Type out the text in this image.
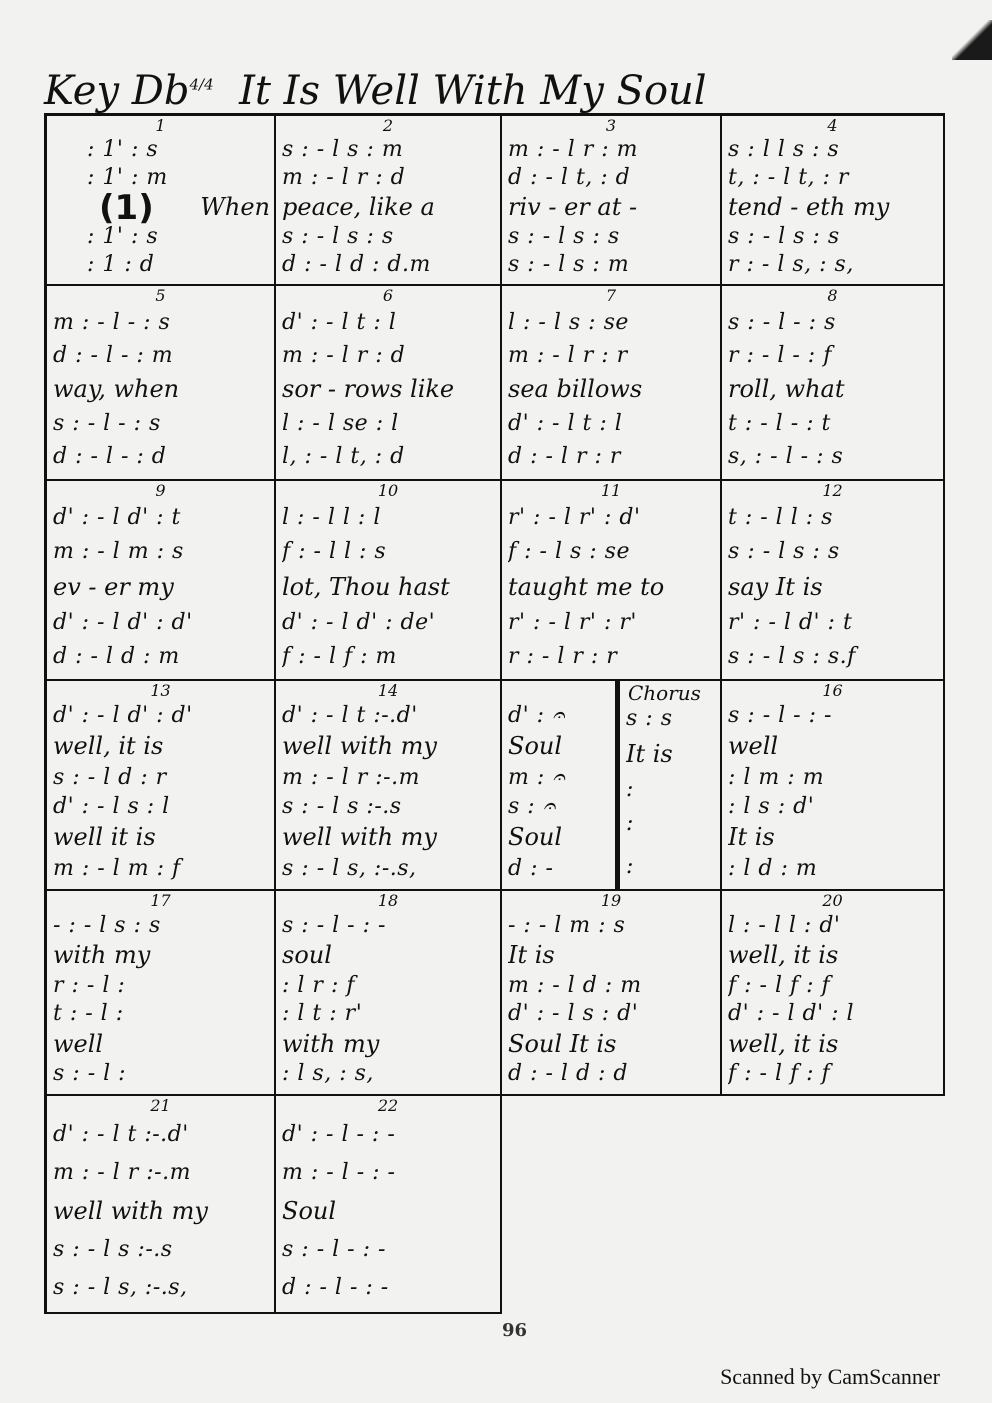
Key $Db^{4/4}$ It Is Well With My Soul
1
: 1' : s
: 1' : m
When
: 1' : s
: 1 : d
2
s : - l s : m
m : - l r : d
peace, like a
s : - l s : s
d : - l d : d.m
3
m : - l r : m
d : - l t, : d
riv - er at -
s : - l s : s
s : - l s : m
4
s : l l s : s
t, : - l t, : r
tend - eth my
s : - l s : s
r : - l s, : s,
5
m : - l - : s
d : - l - : m
way, when
s : - l - : s
d : - l - : d
6
d' : - l t : l
m : - l r : d
sor - rows like
l : - l se : l
l, : - l t, : d
7
l : - l s : se
m : - l r : r
sea billows
d' : - l t : l
d : - l r : r
8
s : - l - : s
r : - l - : f
roll, what
t : - l - : t
s, : - l - : s
9
d' : - l d' : t
m : - l m : s
ev - er my
d' : - l d' : d'
d : - l d : m
10
l : - l l : l
f : - l l : s
lot, Thou hast
d' : - l d' : de'
f : - l f : m
11
r' : - l r' : d'
f : - l s : se
taught me to
r' : - l r' : r'
r : - l r : r
12
t : - l l : s
s : - l s : s
say It is
r' : - l d' : t
s : - l s : s.f
13
d' : - l d' : d'
well, it is
s : - l d : r
d' : - l s : l
well it is
m : - l m : f
14
d' : - l t :-.d'
well with my
m : - l r :-.m
s : - l s :-.s
well with my
s : - l s, :-.s,
d' : 𝄐
Soul
m : 𝄐
s : 𝄐
Soul
d : -
Chorus
s : s
It is
:
:
:
16
s : - l - : -
well
: l m : m
: l s : d'
It is
: l d : m
17
- : - l s : s
with my
r : - l :
t : - l :
well
s : - l :
18
s : - l - : -
soul
: l r : f
: l t : r'
with my
: l s, : s,
19
- : - l m : s
It is
m : - l d : m
d' : - l s : d'
Soul It is
d : - l d : d
20
l : - l l : d'
well, it is
f : - l f : f
d' : - l d' : l
well, it is
f : - l f : f
21
d' : - l t :-.d'
m : - l r :-.m
well with my
s : - l s :-.s
s : - l s, :-.s,
22
d' : - l - : -
m : - l - : -
Soul
s : - l - : -
d : - l - : -
(1)
96
Scanned by CamScanner
